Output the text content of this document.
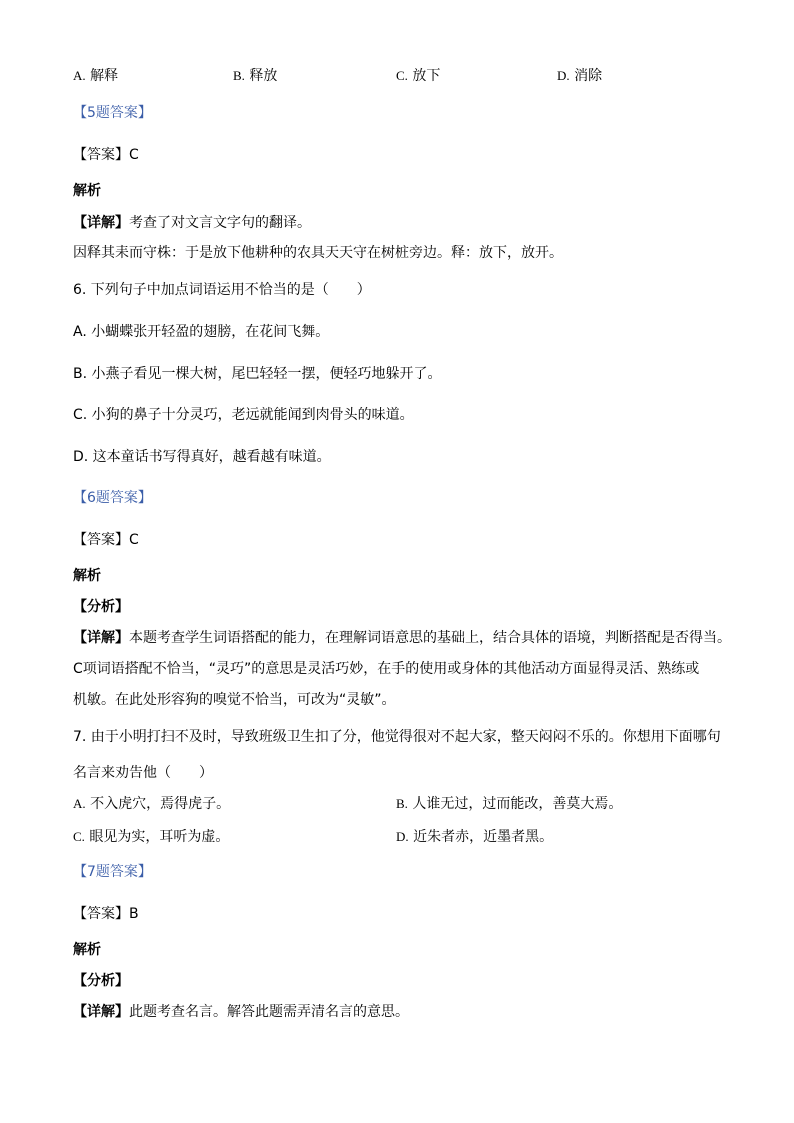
A. 解释	B. 释放	C. 放下	D. 消除
【5题答案】
【答案】C
解析
【详解】考查了对文言文字句的翻译。
因释其耒而守株：于是放下他耕种的农具天天守在树桩旁边。释：放下，放开。
6. 下列句子中加点词语运用不恰当的是（　　）
A. 小蝴蝶张开轻盈的翅膀，在花间飞舞。
B. 小燕子看见一棵大树，尾巴轻轻一摆，便轻巧地躲开了。
C. 小狗的鼻子十分灵巧，老远就能闻到肉骨头的味道。
D. 这本童话书写得真好，越看越有味道。
【6题答案】
【答案】C
解析
【分析】
【详解】本题考查学生词语搭配的能力，在理解词语意思的基础上，结合具体的语境，判断搭配是否得当。
C项词语搭配不恰当，“灵巧”的意思是灵活巧妙，在手的使用或身体的其他活动方面显得灵活、熟练或
机敏。在此处形容狗的嗅觉不恰当，可改为“灵敏”。
7. 由于小明打扫不及时，导致班级卫生扣了分，他觉得很对不起大家，整天闷闷不乐的。你想用下面哪句
名言来劝告他（　　）
A. 不入虎穴，焉得虎子。	B. 人谁无过，过而能改，善莫大焉。
C. 眼见为实，耳听为虚。	D. 近朱者赤，近墨者黑。
【7题答案】
【答案】B
解析
【分析】
【详解】此题考查名言。解答此题需弄清名言的意思。
